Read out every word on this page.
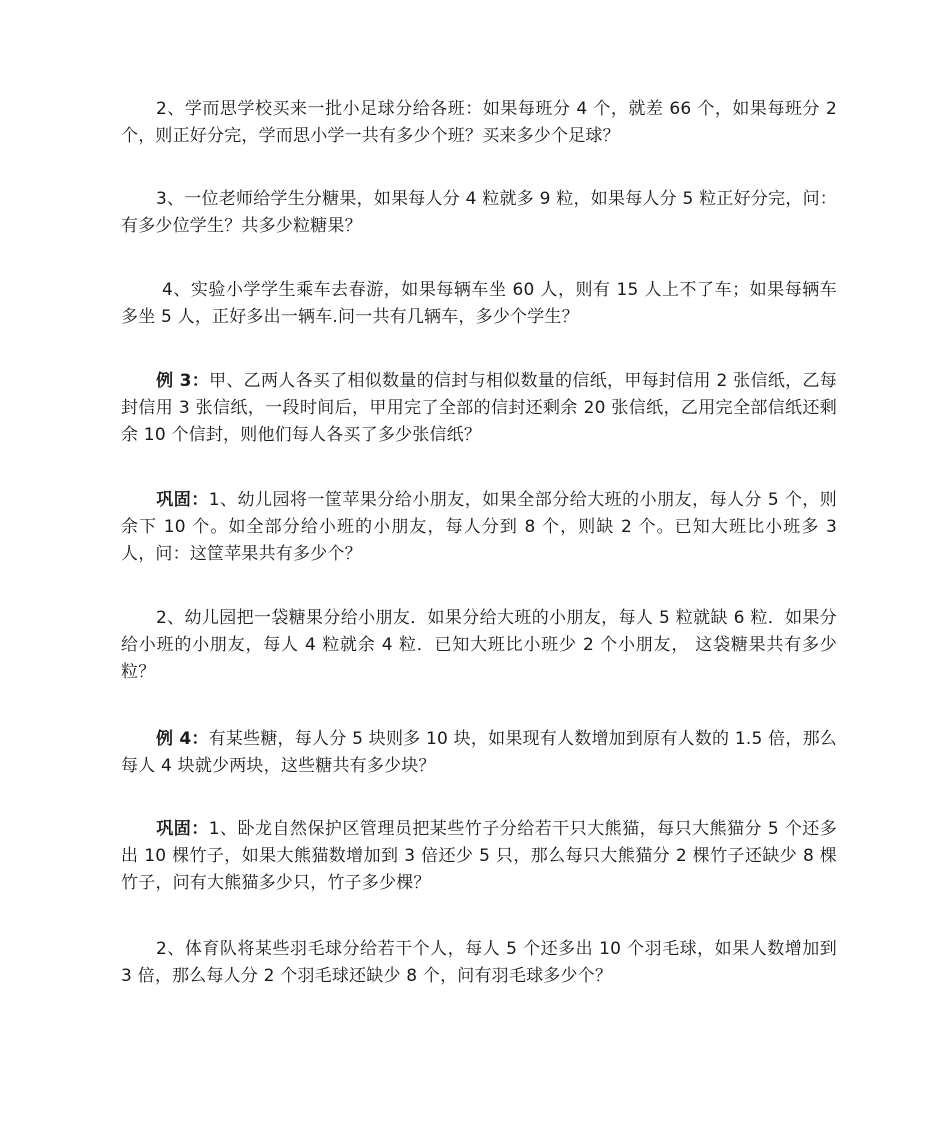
2、学而思学校买来一批小足球分给各班：如果每班分 4 个，就差 66 个，如果每班分 2 个，则正好分完，学而思小学一共有多少个班？买来多少个足球？

3、一位老师给学生分糖果，如果每人分 4 粒就多 9 粒，如果每人分 5 粒正好分完，问：有多少位学生？共多少粒糖果？

4、实验小学学生乘车去春游，如果每辆车坐 60 人，则有 15 人上不了车；如果每辆车多坐 5 人，正好多出一辆车.问一共有几辆车，多少个学生？

例 3：甲、乙两人各买了相似数量的信封与相似数量的信纸，甲每封信用 2 张信纸，乙每封信用 3 张信纸，一段时间后，甲用完了全部的信封还剩余 20 张信纸，乙用完全部信纸还剩余 10 个信封，则他们每人各买了多少张信纸？

巩固：1、幼儿园将一筐苹果分给小朋友，如果全部分给大班的小朋友，每人分 5 个，则余下 10 个。如全部分给小班的小朋友，每人分到 8 个，则缺 2 个。已知大班比小班多 3 人，问：这筐苹果共有多少个？

2、幼儿园把一袋糖果分给小朋友．如果分给大班的小朋友，每人 5 粒就缺 6 粒．如果分给小班的小朋友，每人 4 粒就余 4 粒．已知大班比小班少 2 个小朋友， 这袋糖果共有多少粒？

例 4：有某些糖，每人分 5 块则多 10 块，如果现有人数增加到原有人数的 1.5 倍，那么每人 4 块就少两块，这些糖共有多少块？

巩固：1、卧龙自然保护区管理员把某些竹子分给若干只大熊猫，每只大熊猫分 5 个还多出 10 棵竹子，如果大熊猫数增加到 3 倍还少 5 只，那么每只大熊猫分 2 棵竹子还缺少 8 棵竹子，问有大熊猫多少只，竹子多少棵？

2、体育队将某些羽毛球分给若干个人，每人 5 个还多出 10 个羽毛球，如果人数增加到 3 倍，那么每人分 2 个羽毛球还缺少 8 个，问有羽毛球多少个？
